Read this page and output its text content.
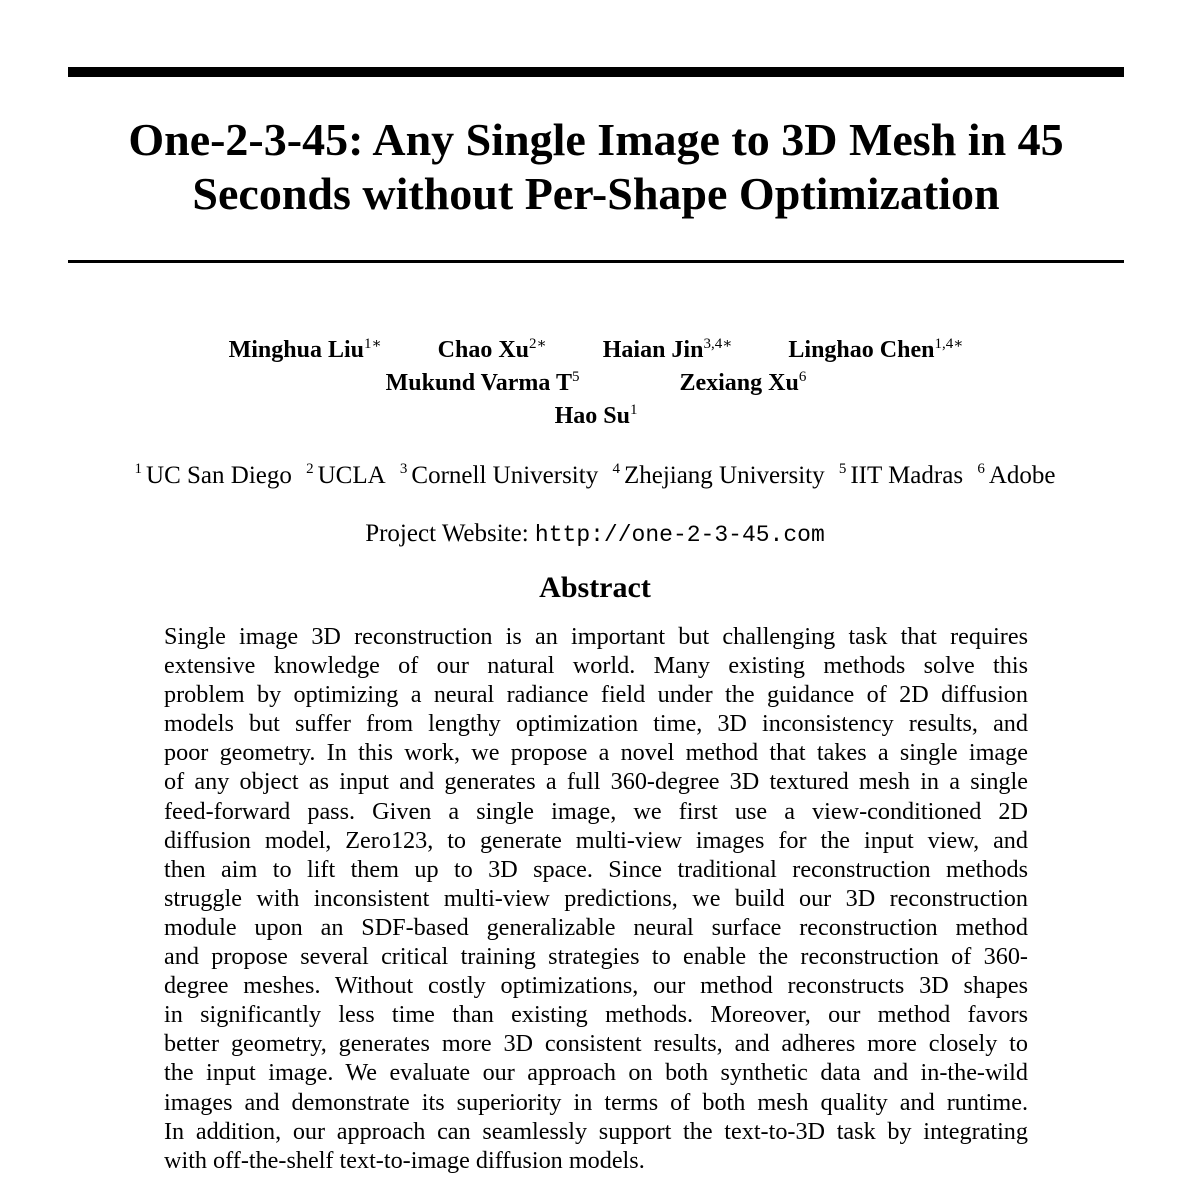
One-2-3-45: Any Single Image to 3D Mesh in 45
Seconds without Per-Shape Optimization
Minghua Liu$^{1∗}$ Chao $Xu^{2∗}$ Haian Jin$^{3,4∗}$ Linghao Chen$^{1,4∗}$
Mukund Varma $T^5$	Zexiang Xu$^6$
Hao Su$^1$
$^1$ UC San Diego $^2$ UCLA $^3$ Cornell University $^4$ Zhejiang University $^5$ IIT Madras $^6$ Adobe
Project Website: http://one-2-3-45.com
Abstract
Single image 3D reconstruction is an important but challenging task that requires
extensive knowledge of our natural world. Many existing methods solve this
problem by optimizing a neural radiance field under the guidance of 2D diffusion
models but suffer from lengthy optimization time, 3D inconsistency results, and
poor geometry. In this work, we propose a novel method that takes a single image
of any object as input and generates a full 360-degree 3D textured mesh in a single
feed-forward pass. Given a single image, we first use a view-conditioned 2D
diffusion model, Zero123, to generate multi-view images for the input view, and
then aim to lift them up to 3D space. Since traditional reconstruction methods
struggle with inconsistent multi-view predictions, we build our 3D reconstruction
module upon an SDF-based generalizable neural surface reconstruction method
and propose several critical training strategies to enable the reconstruction of 360-
degree meshes. Without costly optimizations, our method reconstructs 3D shapes
in significantly less time than existing methods. Moreover, our method favors
better geometry, generates more 3D consistent results, and adheres more closely to
the input image. We evaluate our approach on both synthetic data and in-the-wild
images and demonstrate its superiority in terms of both mesh quality and runtime.
In addition, our approach can seamlessly support the text-to-3D task by integrating
with off-the-shelf text-to-image diffusion models.
